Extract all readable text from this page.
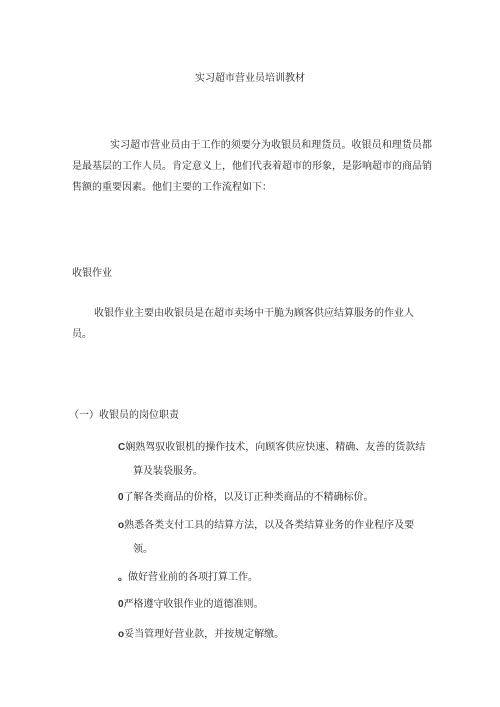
实习超市营业员培训教材
实习超市营业员由于工作的须要分为收银员和理货员。收银员和理货员都是最基层的工作人员。肯定意义上，他们代表着超市的形象，是影响超市的商品销售额的重要因素。他们主要的工作流程如下：
收银作业
收银作业主要由收银员是在超市卖场中干脆为顾客供应结算服务的作业人员。
（一）收银员的岗位职责
C娴熟驾驭收银机的操作技术，向顾客供应快速、精确、友善的货款结
算及装袋服务。
0了解各类商品的价格，以及订正种类商品的不精确标价。
o熟悉各类支付工具的结算方法，以及各类结算业务的作业程序及要
领。
。做好营业前的各项打算工作。
0严格遵守收银作业的道德准则。
o妥当管理好营业款，并按规定解缴。
